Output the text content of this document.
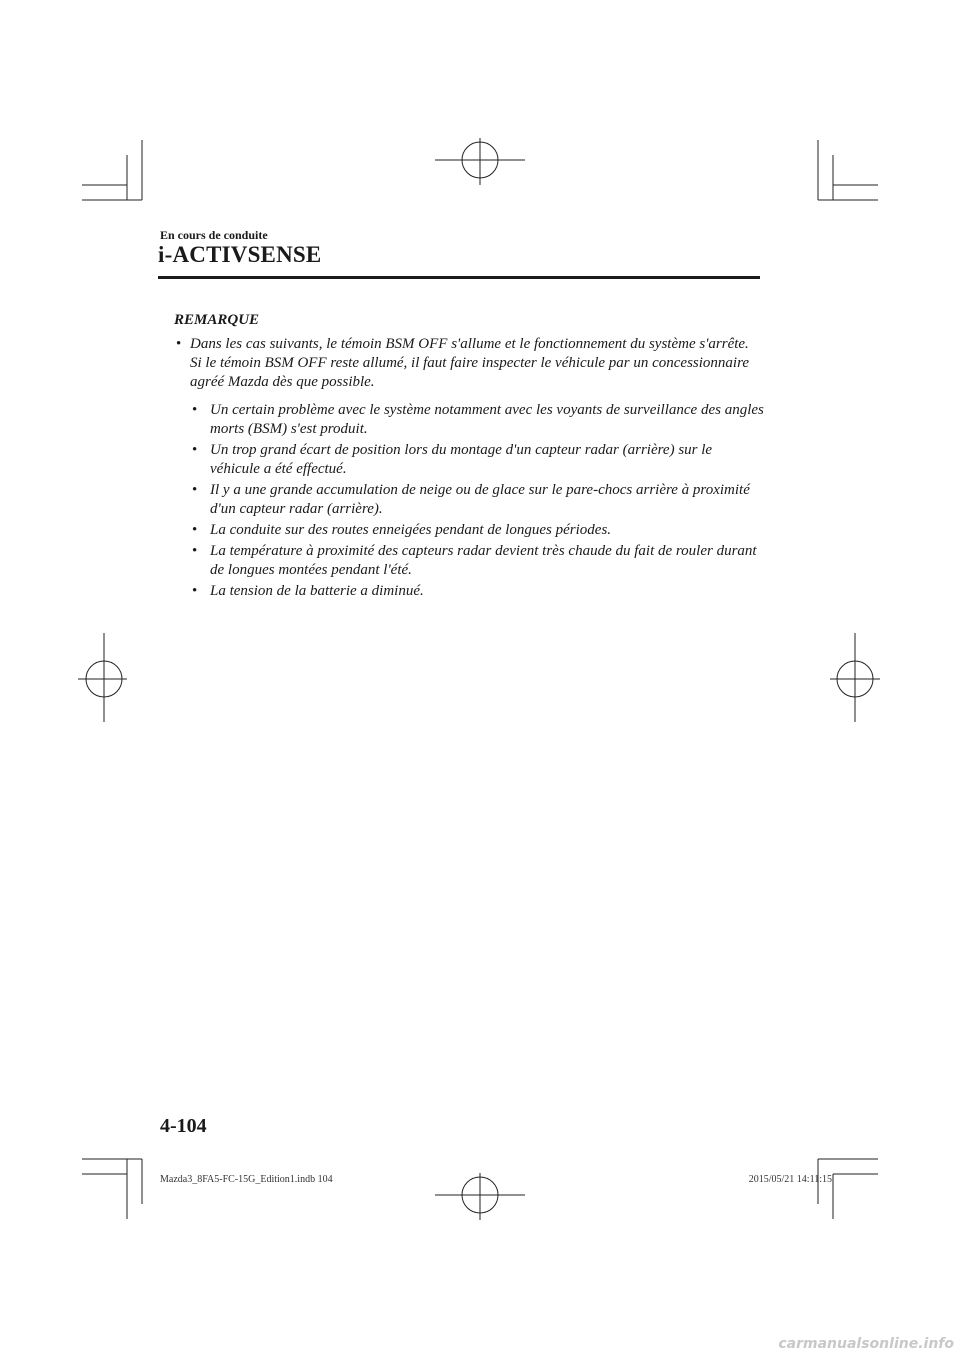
En cours de conduite
i-ACTIVSENSE
REMARQUE

• Dans les cas suivants, le témoin BSM OFF s'allume et le fonctionnement du système s'arrête. Si le témoin BSM OFF reste allumé, il faut faire inspecter le véhicule par un concessionnaire agréé Mazda dès que possible.

• Un certain problème avec le système notamment avec les voyants de surveillance des angles morts (BSM) s'est produit.

• Un trop grand écart de position lors du montage d'un capteur radar (arrière) sur le véhicule a été effectué.

• Il y a une grande accumulation de neige ou de glace sur le pare-chocs arrière à proximité d'un capteur radar (arrière).

• La conduite sur des routes enneigées pendant de longues périodes.

• La température à proximité des capteurs radar devient très chaude du fait de rouler durant de longues montées pendant l'été.

• La tension de la batterie a diminué.

4-104
Mazda3_8FA5-FC-15G_Edition1.indb 104	2015/05/21 14:11:15
carmanualsonline.info
